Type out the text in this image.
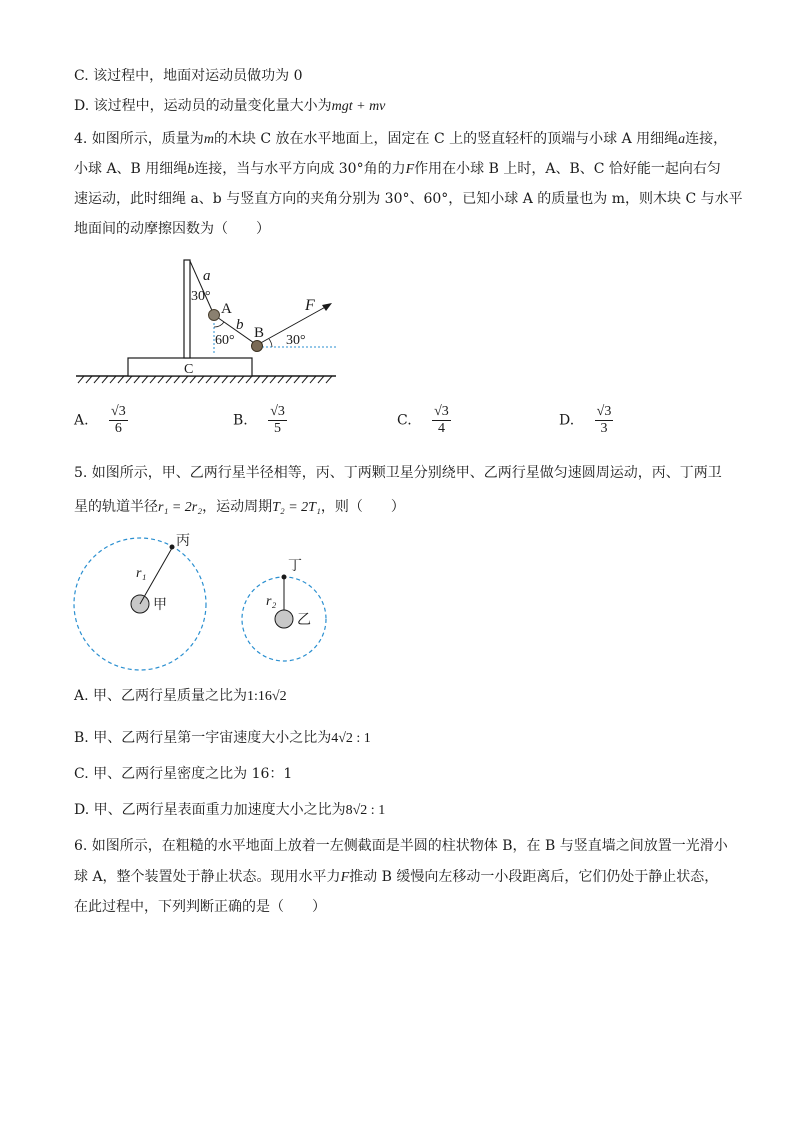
C. 该过程中，地面对运动员做功为 0
D. 该过程中，运动员的动量变化量大小为mgt + mv
4. 如图所示，质量为m的木块 C 放在水平地面上，固定在 C 上的竖直轻杆的顶端与小球 A 用细绳a连接，
小球 A、B 用细绳b连接，当与水平方向成 30°角的力F作用在小球 B 上时，A、B、C 恰好能一起向右匀
速运动，此时细绳 a、b 与竖直方向的夹角分别为 30°、60°，已知小球 A 的质量也为 m，则木块 C 与水平
地面间的动摩擦因数为（　　）
C
a
30°
b
60°
A	F
30°
B
A. $\frac{√3}{6}$	B. $\frac{√3}{5}$	C. $\frac{√3}{4}$	D. $\frac{√3}{3}$
5. 如图所示，甲、乙两行星半径相等，丙、丁两颗卫星分别绕甲、乙两行星做匀速圆周运动，丙、丁两卫
星的轨道半径r₁ = 2r₂，运动周期T₂ = 2T₁，则（　　）
丙
r₁
甲
丁
r₂
乙
A. 甲、乙两行星质量之比为1:16√2
B. 甲、乙两行星第一宇宙速度大小之比为4√2 : 1
C. 甲、乙两行星密度之比为 16：1
D. 甲、乙两行星表面重力加速度大小之比为8√2 : 1
6. 如图所示，在粗糙的水平地面上放着一左侧截面是半圆的柱状物体 B，在 B 与竖直墙之间放置一光滑小
球 A，整个装置处于静止状态。现用水平力F推动 B 缓慢向左移动一小段距离后，它们仍处于静止状态，
在此过程中，下列判断正确的是（　　）
